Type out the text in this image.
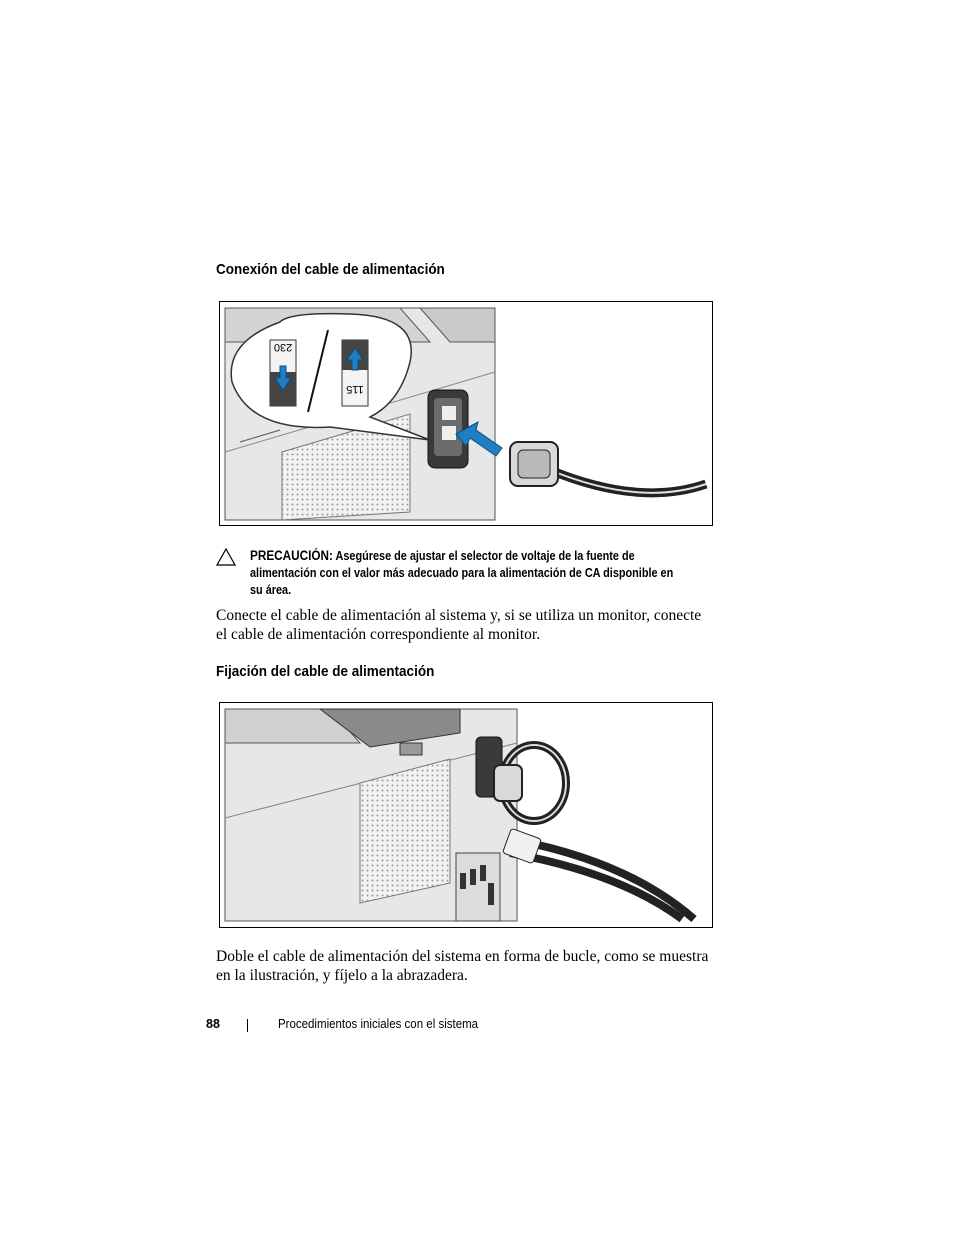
Conexión del cable de alimentación
230
115
PRECAUCIÓN: Asegúrese de ajustar el selector de voltaje de la fuente de alimentación con el valor más adecuado para la alimentación de CA disponible en su área.

Conecte el cable de alimentación al sistema y, si se utiliza un monitor, conecte el cable de alimentación correspondiente al monitor.

Fijación del cable de alimentación

Doble el cable de alimentación del sistema en forma de bucle, como se muestra en la ilustración, y fíjelo a la abrazadera.

88	Procedimientos iniciales con el sistema
